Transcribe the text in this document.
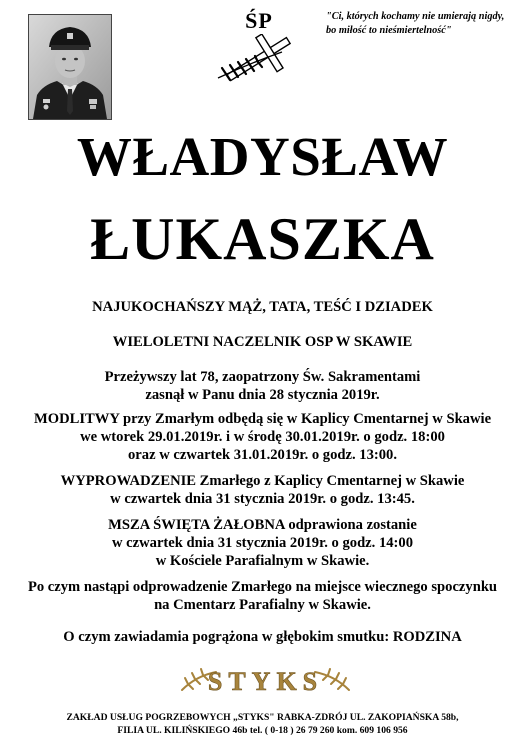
ŚP	"Ci, których kochamy nie umierają nigdy,
bo miłość to nieśmiertelność"
WŁADYSŁAW
ŁUKASZKA
NAJUKOCHAŃSZY MĄŻ, TATA, TEŚĆ I DZIADEK
WIELOLETNI NACZELNIK OSP W SKAWIE
Przeżywszy lat 78, zaopatrzony Św. Sakramentami
zasnął w Panu dnia 28 stycznia 2019r.
MODLITWY przy Zmarłym odbędą się w Kaplicy Cmentarnej w Skawie
we wtorek 29.01.2019r. i w środę 30.01.2019r. o godz. 18:00
oraz w czwartek 31.01.2019r. o godz. 13:00.
WYPROWADZENIE Zmarłego z Kaplicy Cmentarnej w Skawie
w czwartek dnia 31 stycznia 2019r. o godz. 13:45.
MSZA ŚWIĘTA ŻAŁOBNA odprawiona zostanie
w czwartek dnia 31 stycznia 2019r. o godz. 14:00
w Kościele Parafialnym w Skawie.
Po czym nastąpi odprowadzenie Zmarłego na miejsce wiecznego spoczynku
na Cmentarz Parafialny w Skawie.
O czym zawiadamia pogrążona w głębokim smutku: RODZINA
STYKS
ZAKŁAD USŁUG POGRZEBOWYCH „STYKS" RABKA-ZDRÓJ UL. ZAKOPIAŃSKA 58b,
FILIA UL. KILIŃSKIEGO 46b tel. ( 0-18 ) 26 79 260 kom. 609 106 956
